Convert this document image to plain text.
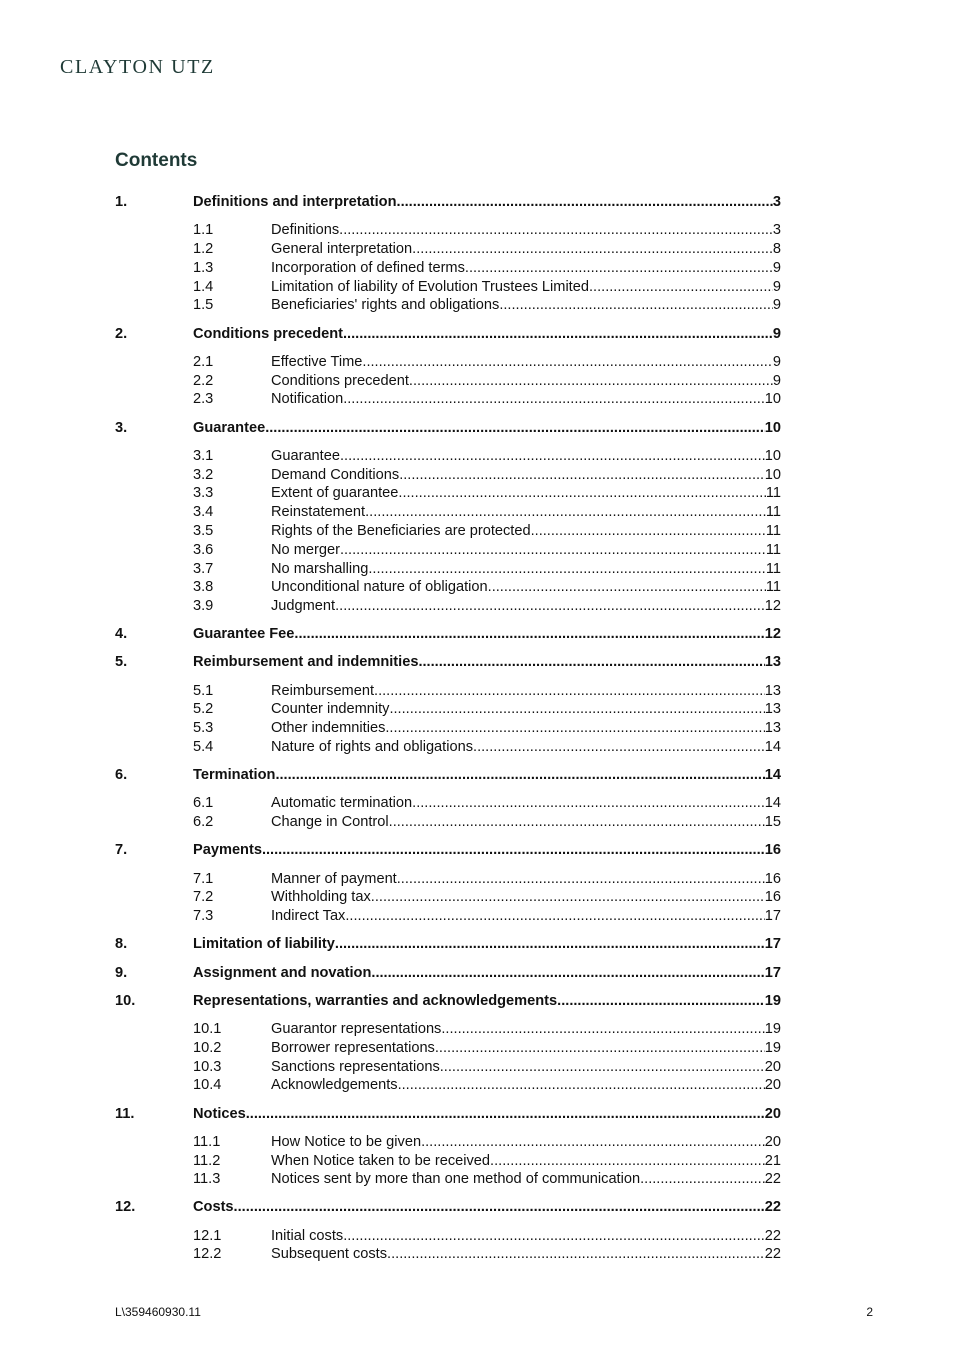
CLAYTON UTZ
Contents
1.	Definitions and interpretation .....	3
1.1	Definitions .....	3
1.2	General interpretation .....	8
1.3	Incorporation of defined terms .....	9
1.4	Limitation of liability of Evolution Trustees Limited .....	9
1.5	Beneficiaries' rights and obligations .....	9
2.	Conditions precedent .....	9
2.1	Effective Time .....	9
2.2	Conditions precedent .....	9
2.3	Notification .....	10
3.	Guarantee .....	10
3.1	Guarantee .....	10
3.2	Demand Conditions .....	10
3.3	Extent of guarantee .....	11
3.4	Reinstatement .....	11
3.5	Rights of the Beneficiaries are protected .....	11
3.6	No merger .....	11
3.7	No marshalling .....	11
3.8	Unconditional nature of obligation .....	11
3.9	Judgment .....	12
4.	Guarantee Fee .....	12
5.	Reimbursement and indemnities .....	13
5.1	Reimbursement .....	13
5.2	Counter indemnity .....	13
5.3	Other indemnities .....	13
5.4	Nature of rights and obligations .....	14
6.	Termination .....	14
6.1	Automatic termination .....	14
6.2	Change in Control .....	15
7.	Payments .....	16
7.1	Manner of payment .....	16
7.2	Withholding tax .....	16
7.3	Indirect Tax .....	17
8.	Limitation of liability .....	17
9.	Assignment and novation .....	17
10.	Representations, warranties and acknowledgements .....	19
10.1	Guarantor representations .....	19
10.2	Borrower representations .....	19
10.3	Sanctions representations .....	20
10.4	Acknowledgements .....	20
11.	Notices .....	20
11.1	How Notice to be given .....	20
11.2	When Notice taken to be received .....	21
11.3	Notices sent by more than one method of communication .....	22
12.	Costs .....	22
12.1	Initial costs .....	22
12.2	Subsequent costs .....	22
L\359460930.11	2
